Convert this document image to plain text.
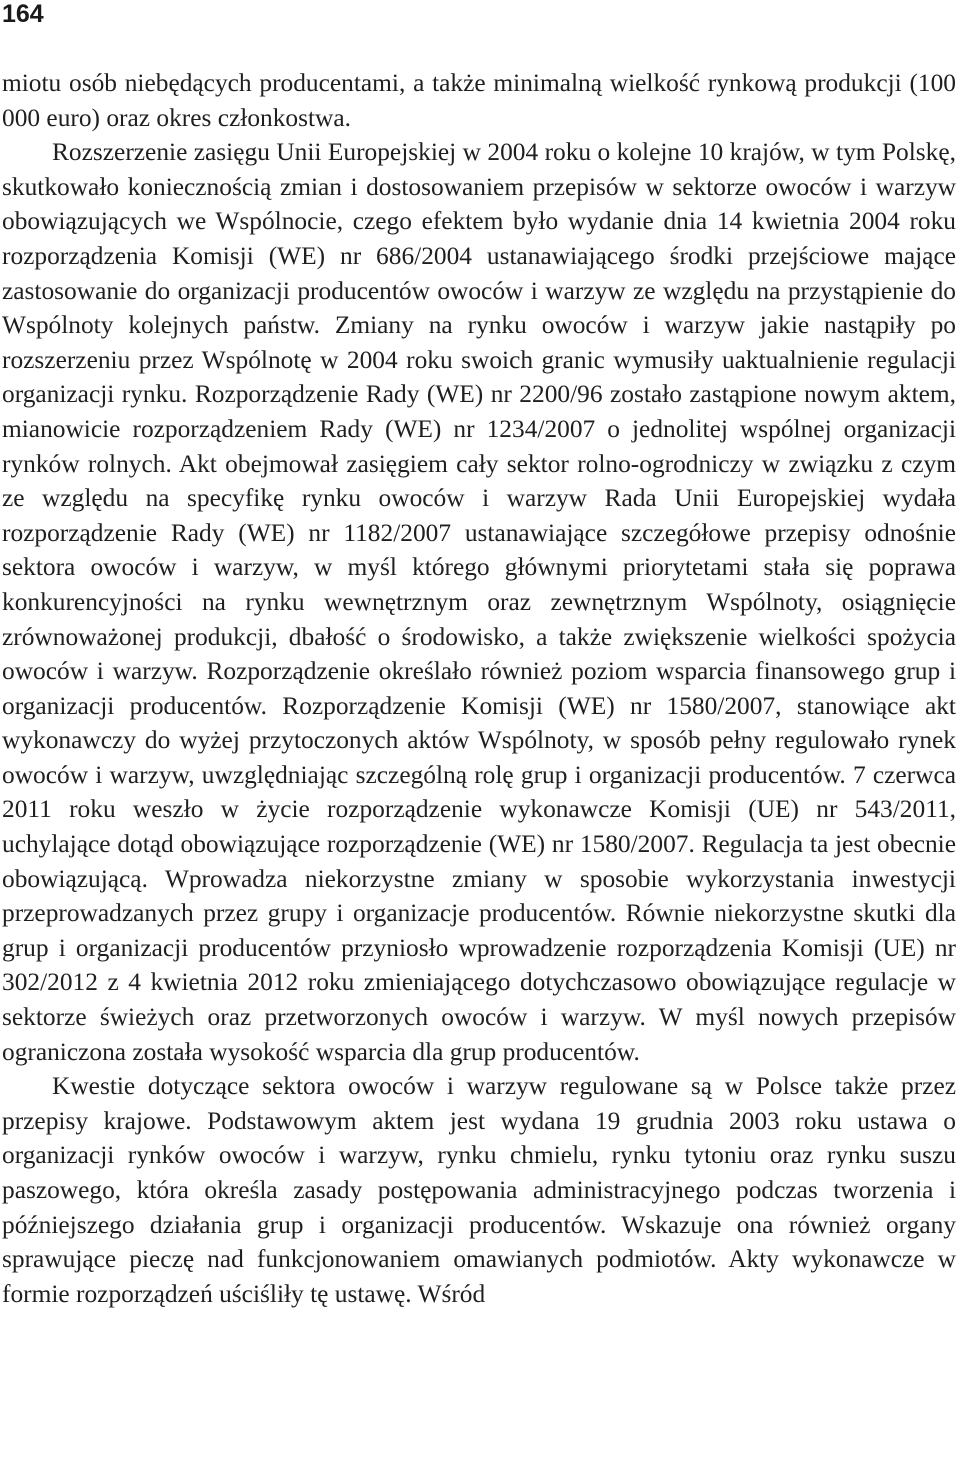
164

miotu osób niebędących producentami, a także minimalną wielkość rynkową produkcji (100 000 euro) oraz okres członkostwa.

Rozszerzenie zasięgu Unii Europejskiej w 2004 roku o kolejne 10 krajów, w tym Polskę, skutkowało koniecznością zmian i dostosowaniem przepisów w sektorze owoców i warzyw obowiązujących we Wspólnocie, czego efektem było wydanie dnia 14 kwietnia 2004 roku rozporządzenia Komisji (WE) nr 686/2004 ustanawiającego środki przejściowe mające zastosowanie do organizacji producentów owoców i warzyw ze względu na przystąpienie do Wspólnoty kolejnych państw. Zmiany na rynku owoców i warzyw jakie nastąpiły po rozszerzeniu przez Wspólnotę w 2004 roku swoich granic wymusiły uaktualnienie regulacji organizacji rynku. Rozporządzenie Rady (WE) nr 2200/96 zostało zastąpione nowym aktem, mianowicie rozporządzeniem Rady (WE) nr 1234/2007 o jednolitej wspólnej organizacji rynków rolnych. Akt obejmował zasięgiem cały sektor rolno-ogrodniczy w związku z czym ze względu na specyfikę rynku owoców i warzyw Rada Unii Europejskiej wydała rozporządzenie Rady (WE) nr 1182/2007 ustanawiające szczegółowe przepisy odnośnie sektora owoców i warzyw, w myśl którego głównymi priorytetami stała się poprawa konkurencyjności na rynku wewnętrznym oraz zewnętrznym Wspólnoty, osiągnięcie zrównoważonej produkcji, dbałość o środowisko, a także zwiększenie wielkości spożycia owoców i warzyw. Rozporządzenie określało również poziom wsparcia finansowego grup i organizacji producentów. Rozporządzenie Komisji (WE) nr 1580/2007, stanowiące akt wykonawczy do wyżej przytoczonych aktów Wspólnoty, w sposób pełny regulowało rynek owoców i warzyw, uwzględniając szczególną rolę grup i organizacji producentów. 7 czerwca 2011 roku weszło w życie rozporządzenie wykonawcze Komisji (UE) nr 543/2011, uchylające dotąd obowiązujące rozporządzenie (WE) nr 1580/2007. Regulacja ta jest obecnie obowiązującą. Wprowadza niekorzystne zmiany w sposobie wykorzystania inwestycji przeprowadzanych przez grupy i organizacje producentów. Równie niekorzystne skutki dla grup i organizacji producentów przyniosło wprowadzenie rozporządzenia Komisji (UE) nr 302/2012 z 4 kwietnia 2012 roku zmieniającego dotychczasowo obowiązujące regulacje w sektorze świeżych oraz przetworzonych owoców i warzyw. W myśl nowych przepisów ograniczona została wysokość wsparcia dla grup producentów.

Kwestie dotyczące sektora owoców i warzyw regulowane są w Polsce także przez przepisy krajowe. Podstawowym aktem jest wydana 19 grudnia 2003 roku ustawa o organizacji rynków owoców i warzyw, rynku chmielu, rynku tytoniu oraz rynku suszu paszowego, która określa zasady postępowania administracyjnego podczas tworzenia i późniejszego działania grup i organizacji producentów. Wskazuje ona również organy sprawujące pieczę nad funkcjonowaniem omawianych podmiotów. Akty wykonawcze w formie rozporządzeń uściśliły tę ustawę. Wśród
